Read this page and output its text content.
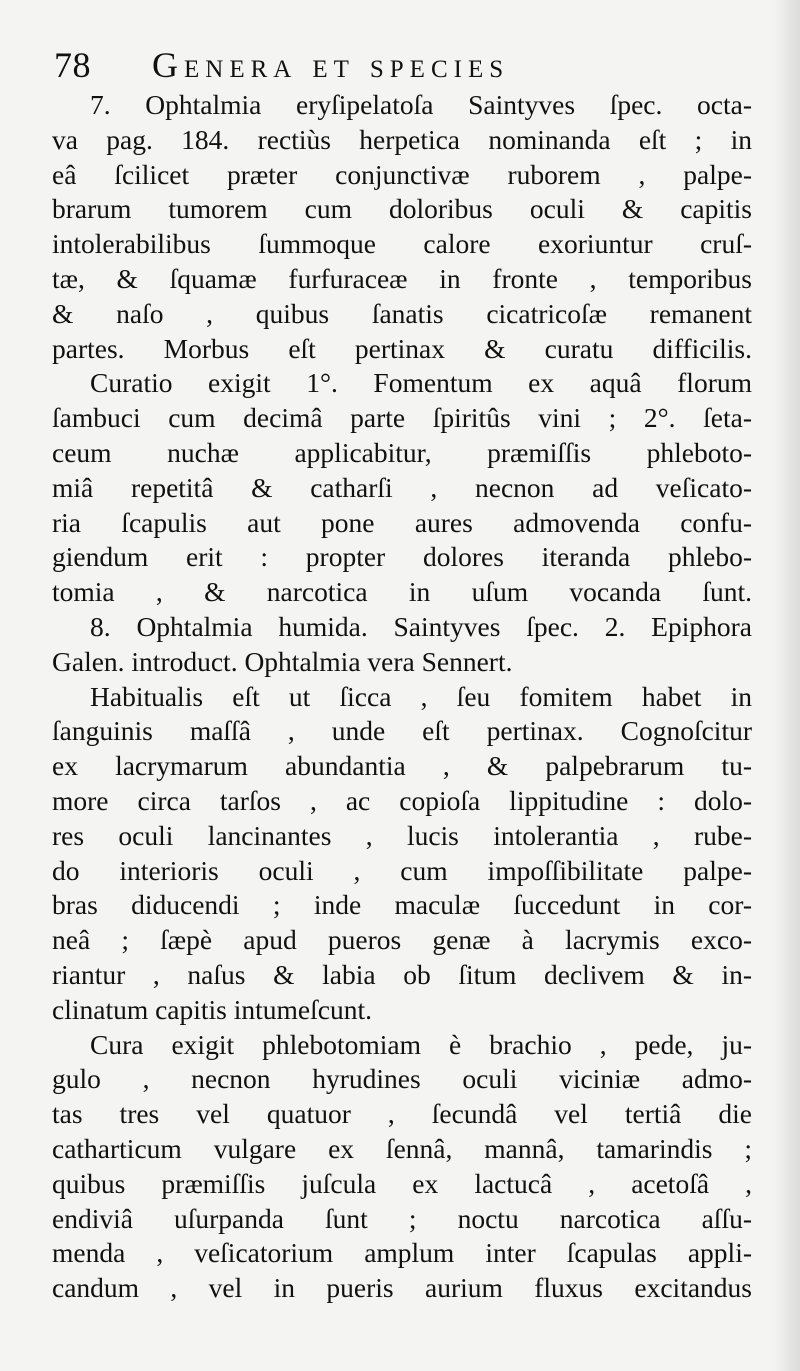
78 Genera et species
7. Ophtalmia eryſipelatoſa Saintyves ſpec. octa-
va pag. 184. rectiùs herpetica nominanda eſt ; in
eâ ſcilicet præter conjunctivæ ruborem , palpe-
brarum tumorem cum doloribus oculi & capitis
intolerabilibus ſummoque calore exoriuntur cruſ-
tæ, & ſquamæ furfuraceæ in fronte , temporibus
& naſo , quibus ſanatis cicatricoſæ remanent
partes. Morbus eſt pertinax & curatu difficilis.
Curatio exigit 1°. Fomentum ex aquâ florum
ſambuci cum decimâ parte ſpiritûs vini ; 2°. ſeta-
ceum nuchæ applicabitur, præmiſſis phleboto-
miâ repetitâ & catharſi , necnon ad veſicato-
ria ſcapulis aut pone aures admovenda confu-
giendum erit : propter dolores iteranda phlebo-
tomia , & narcotica in uſum vocanda ſunt.
8. Ophtalmia humida. Saintyves ſpec. 2. Epiphora
Galen. introduct. Ophtalmia vera Sennert.
Habitualis eſt ut ſicca , ſeu fomitem habet in
ſanguinis maſſâ , unde eſt pertinax. Cognoſcitur
ex lacrymarum abundantia , & palpebrarum tu-
more circa tarſos , ac copioſa lippitudine : dolo-
res oculi lancinantes , lucis intolerantia , rube-
do interioris oculi , cum impoſſibilitate palpe-
bras diducendi ; inde maculæ ſuccedunt in cor-
neâ ; ſæpè apud pueros genæ à lacrymis exco-
riantur , naſus & labia ob ſitum declivem & in-
clinatum capitis intumeſcunt.
Cura exigit phlebotomiam è brachio , pede, ju-
gulo , necnon hyrudines oculi viciniæ admo-
tas tres vel quatuor , ſecundâ vel tertiâ die
catharticum vulgare ex ſennâ, mannâ, tamarindis ;
quibus præmiſſis juſcula ex lactucâ , acetoſâ ,
endiviâ uſurpanda ſunt ; noctu narcotica aſſu-
menda , veſicatorium amplum inter ſcapulas appli-
candum , vel in pueris aurium fluxus excitandus
